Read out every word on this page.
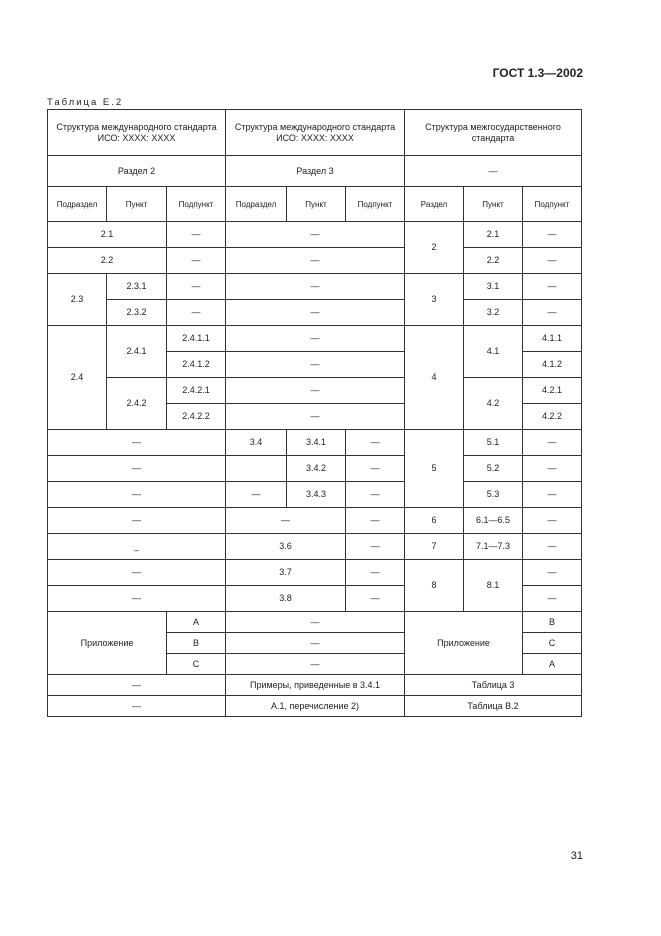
ГОСТ 1.3—2002
Таблица Е.2
Структура международного стандарта ИСО: XXXX: XXXX			Структура международного стандарта ИСО: XXXX: XXXX			Структура межгосударственного стандарта		
Раздел 2			Раздел 3			—		
Подраздел	Пункт	Подпункт	Подраздел	Пункт	Подпункт	Раздел	Пункт	Подпункт
2.1		—	—			2	2.1	—
2.2		—	—				2.2	—
2.3	2.3.1	—	—			3	3.1	—
	2.3.2	—	—				3.2	—
2.4	2.4.1	2.4.1.1	—			4	4.1	4.1.1
		2.4.1.2	—					4.1.2
	2.4.2	2.4.2.1	—				4.2	4.2.1
		2.4.2.2	—					4.2.2
—			3.4	3.4.1	—	5	5.1	—
—				3.4.2	—		5.2	—
—			—	3.4.3	—		5.3	—
—			—		—	6	6.1—6.5	—
_			3.6		—	7	7.1—7.3	—
—			3.7		—	8	8.1	—
—			3.8		—			—
Приложение		A	—			Приложение		B
		B	—					C
		C	—					A
—			Примеры, приведенные в 3.4.1			Таблица 3		
—			А.1, перечисление 2)			Таблица В.2		
31
